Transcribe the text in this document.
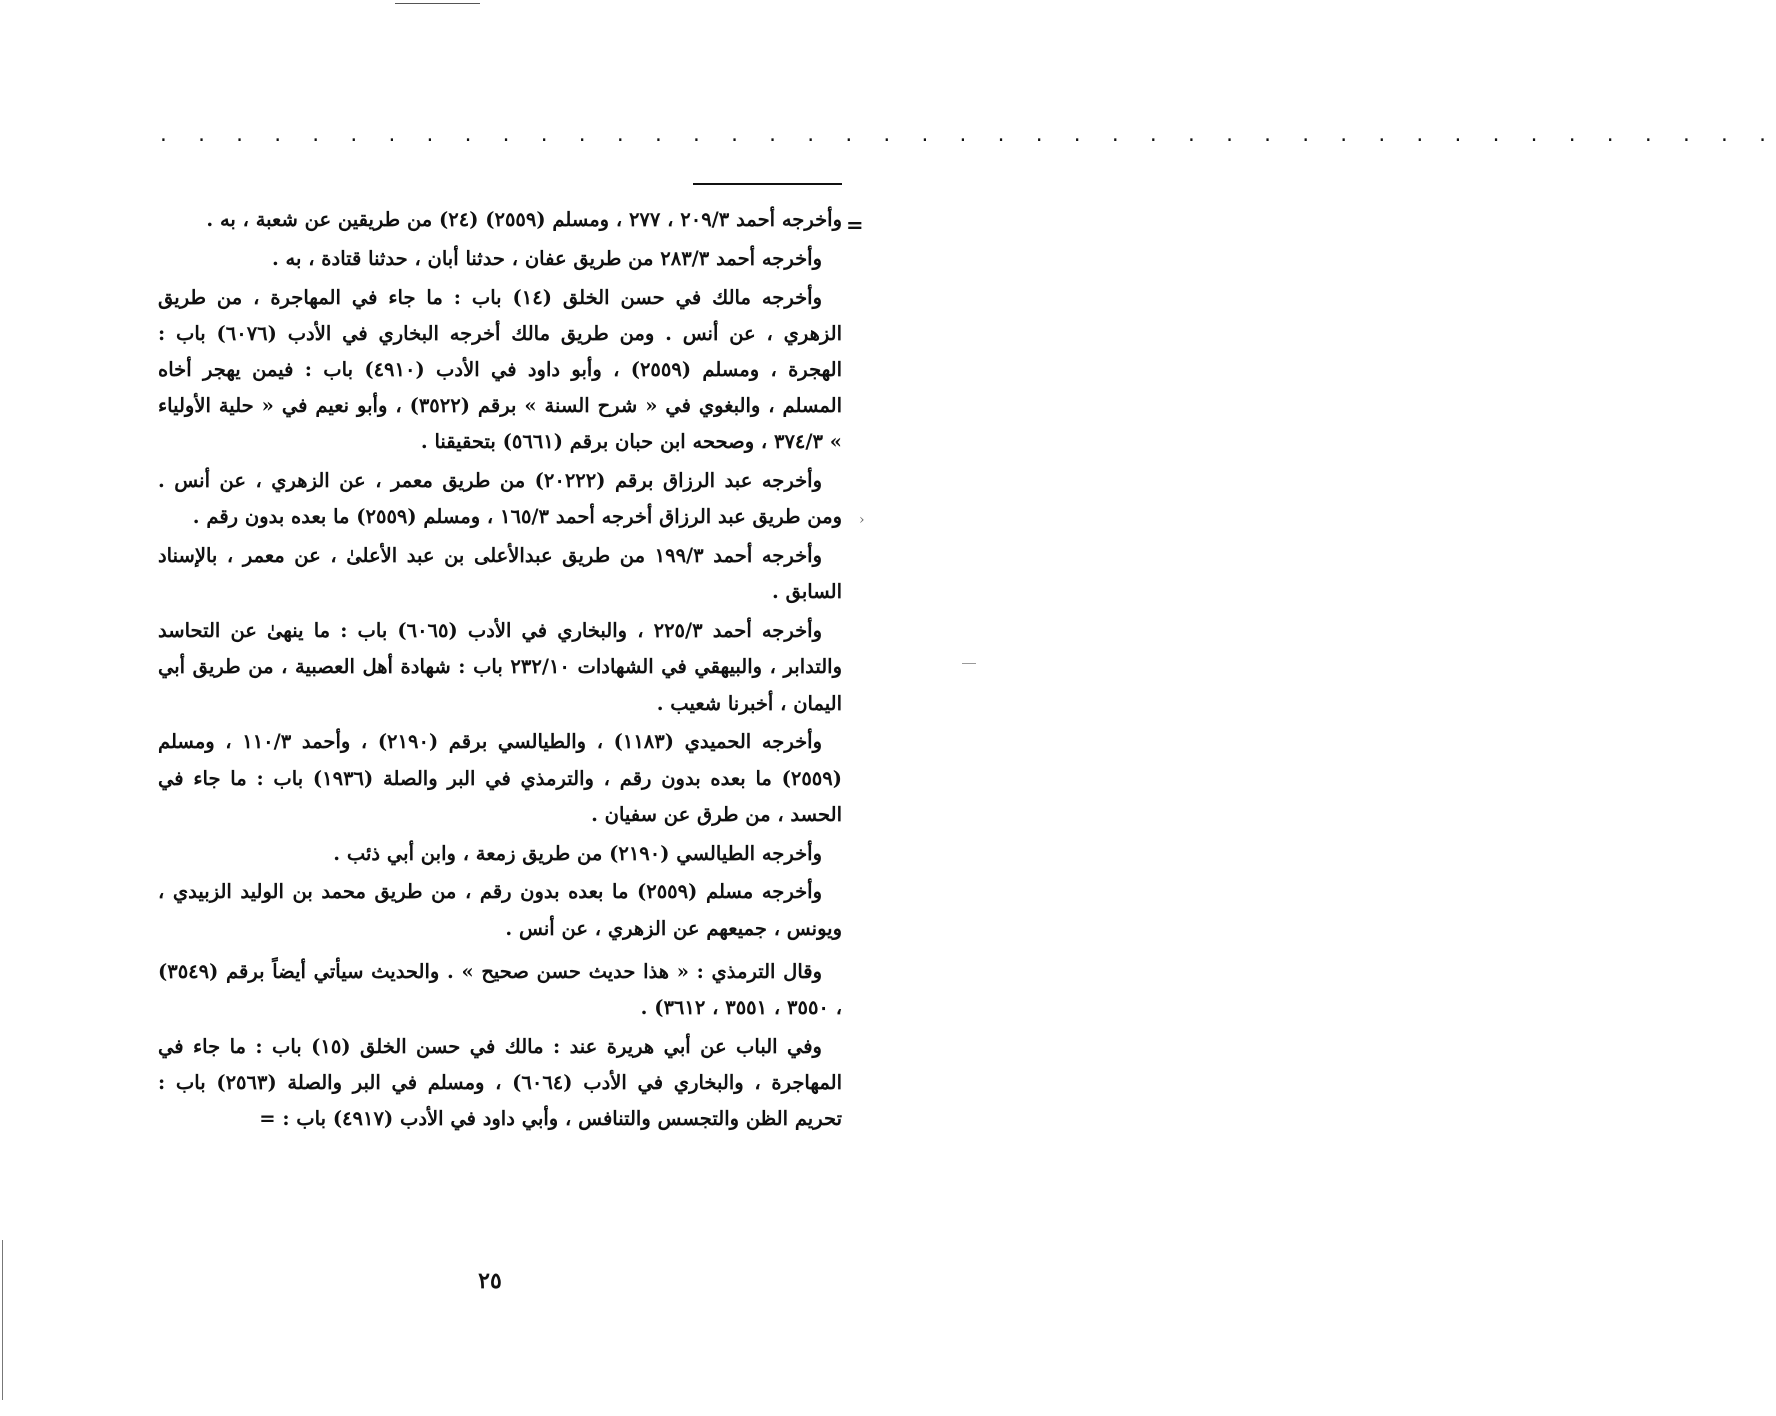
. . . . . . . . . . . . . . . . . . . . . . . . . . . . . . . . . . . . . . . . . . .
=
›

وأخرجه أحمد ٢٠٩/٣ ، ٢٧٧ ، ومسلم (٢٥٥٩) (٢٤) من طريقين عن شعبة ، به .

وأخرجه أحمد ٢٨٣/٣ من طريق عفان ، حدثنا أبان ، حدثنا قتادة ، به .

وأخرجه مالك في حسن الخلق (١٤) باب : ما جاء في المهاجرة ، من طريق الزهري ، عن أنس . ومن طريق مالك أخرجه البخاري في الأدب (٦٠٧٦) باب : الهجرة ، ومسلم (٢٥٥٩) ، وأبو داود في الأدب (٤٩١٠) باب : فيمن يهجر أخاه المسلم ، والبغوي في « شرح السنة » برقم (٣٥٢٢) ، وأبو نعيم في « حلية الأولياء » ٣٧٤/٣ ، وصححه ابن حبان برقم (٥٦٦١) بتحقيقنا .

وأخرجه عبد الرزاق برقم (٢٠٢٢٢) من طريق معمر ، عن الزهري ، عن أنس . ومن طريق عبد الرزاق أخرجه أحمد ١٦٥/٣ ، ومسلم (٢٥٥٩) ما بعده بدون رقم .

وأخرجه أحمد ١٩٩/٣ من طريق عبدالأعلى بن عبد الأعلىٰ ، عن معمر ، بالإسناد السابق .

وأخرجه أحمد ٢٢٥/٣ ، والبخاري في الأدب (٦٠٦٥) باب : ما ينهىٰ عن التحاسد والتدابر ، والبيهقي في الشهادات ٢٣٢/١٠ باب : شهادة أهل العصبية ، من طريق أبي اليمان ، أخبرنا شعيب .

وأخرجه الحميدي (١١٨٣) ، والطيالسي برقم (٢١٩٠) ، وأحمد ١١٠/٣ ، ومسلم (٢٥٥٩) ما بعده بدون رقم ، والترمذي في البر والصلة (١٩٣٦) باب : ما جاء في الحسد ، من طرق عن سفيان .

وأخرجه الطيالسي (٢١٩٠) من طريق زمعة ، وابن أبي ذئب .

وأخرجه مسلم (٢٥٥٩) ما بعده بدون رقم ، من طريق محمد بن الوليد الزبيدي ، ويونس ، جميعهم عن الزهري ، عن أنس .

وقال الترمذي : « هذا حديث حسن صحيح » . والحديث سيأتي أيضاً برقم (٣٥٤٩) ، ٣٥٥٠ ، ٣٥٥١ ، ٣٦١٢) .

وفي الباب عن أبي هريرة عند : مالك في حسن الخلق (١٥) باب : ما جاء في المهاجرة ، والبخاري في الأدب (٦٠٦٤) ، ومسلم في البر والصلة (٢٥٦٣) باب : تحريم الظن والتجسس والتنافس ، وأبي داود في الأدب (٤٩١٧) باب : =

٢٥
